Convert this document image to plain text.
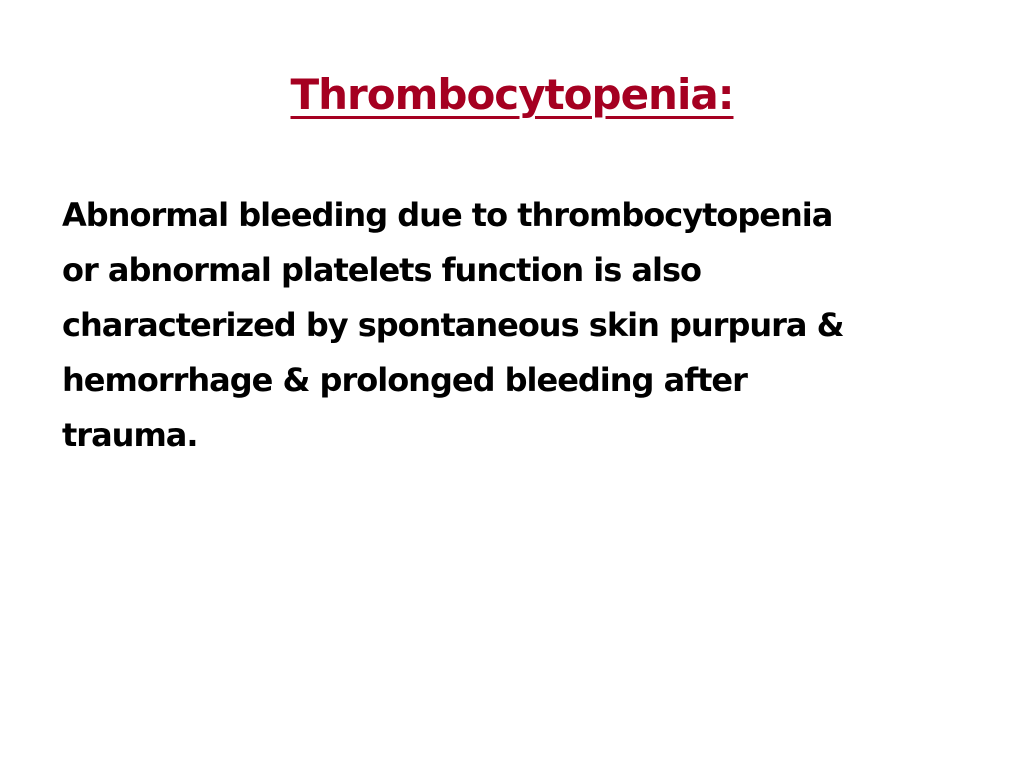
Thrombocytopenia:

Abnormal bleeding due to thrombocytopenia
or abnormal platelets function is also
characterized by spontaneous skin purpura &
hemorrhage & prolonged bleeding after
trauma.
